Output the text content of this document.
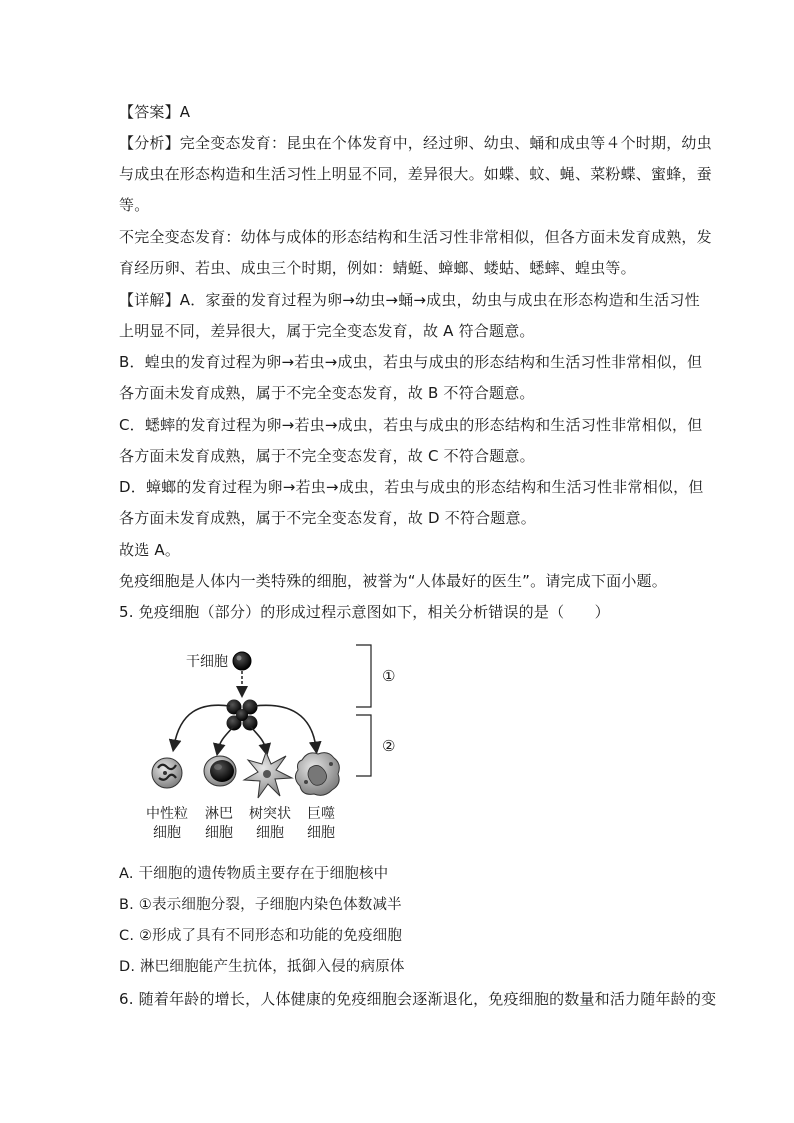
【答案】A
【分析】完全变态发育：昆虫在个体发育中，经过卵、幼虫、蛹和成虫等４个时期，幼虫
与成虫在形态构造和生活习性上明显不同，差异很大。如蝶、蚊、蝇、菜粉蝶、蜜蜂，蚕
等。
不完全变态发育：幼体与成体的形态结构和生活习性非常相似，但各方面未发育成熟，发
育经历卵、若虫、成虫三个时期，例如：蜻蜓、蟑螂、蝼蛄、蟋蟀、蝗虫等。
【详解】A．家蚕的发育过程为卵→幼虫→蛹→成虫，幼虫与成虫在形态构造和生活习性
上明显不同，差异很大，属于完全变态发育，故 A 符合题意。
B．蝗虫的发育过程为卵→若虫→成虫，若虫与成虫的形态结构和生活习性非常相似，但
各方面未发育成熟，属于不完全变态发育，故 B 不符合题意。
C．蟋蟀的发育过程为卵→若虫→成虫，若虫与成虫的形态结构和生活习性非常相似，但
各方面未发育成熟，属于不完全变态发育，故 C 不符合题意。
D．蟑螂的发育过程为卵→若虫→成虫，若虫与成虫的形态结构和生活习性非常相似，但
各方面未发育成熟，属于不完全变态发育，故 D 不符合题意。
故选 A。
免疫细胞是人体内一类特殊的细胞，被誉为“人体最好的医生”。请完成下面小题。
5. 免疫细胞（部分）的形成过程示意图如下，相关分析错误的是（　　）
干细胞
中性粒
细胞
淋巴
细胞
树突状
细胞
巨噬
细胞
①
②
A. 干细胞的遗传物质主要存在于细胞核中
B. ①表示细胞分裂，子细胞内染色体数减半
C. ②形成了具有不同形态和功能的免疫细胞
D. 淋巴细胞能产生抗体，抵御入侵的病原体
6. 随着年龄的增长，人体健康的免疫细胞会逐渐退化，免疫细胞的数量和活力随年龄的变
